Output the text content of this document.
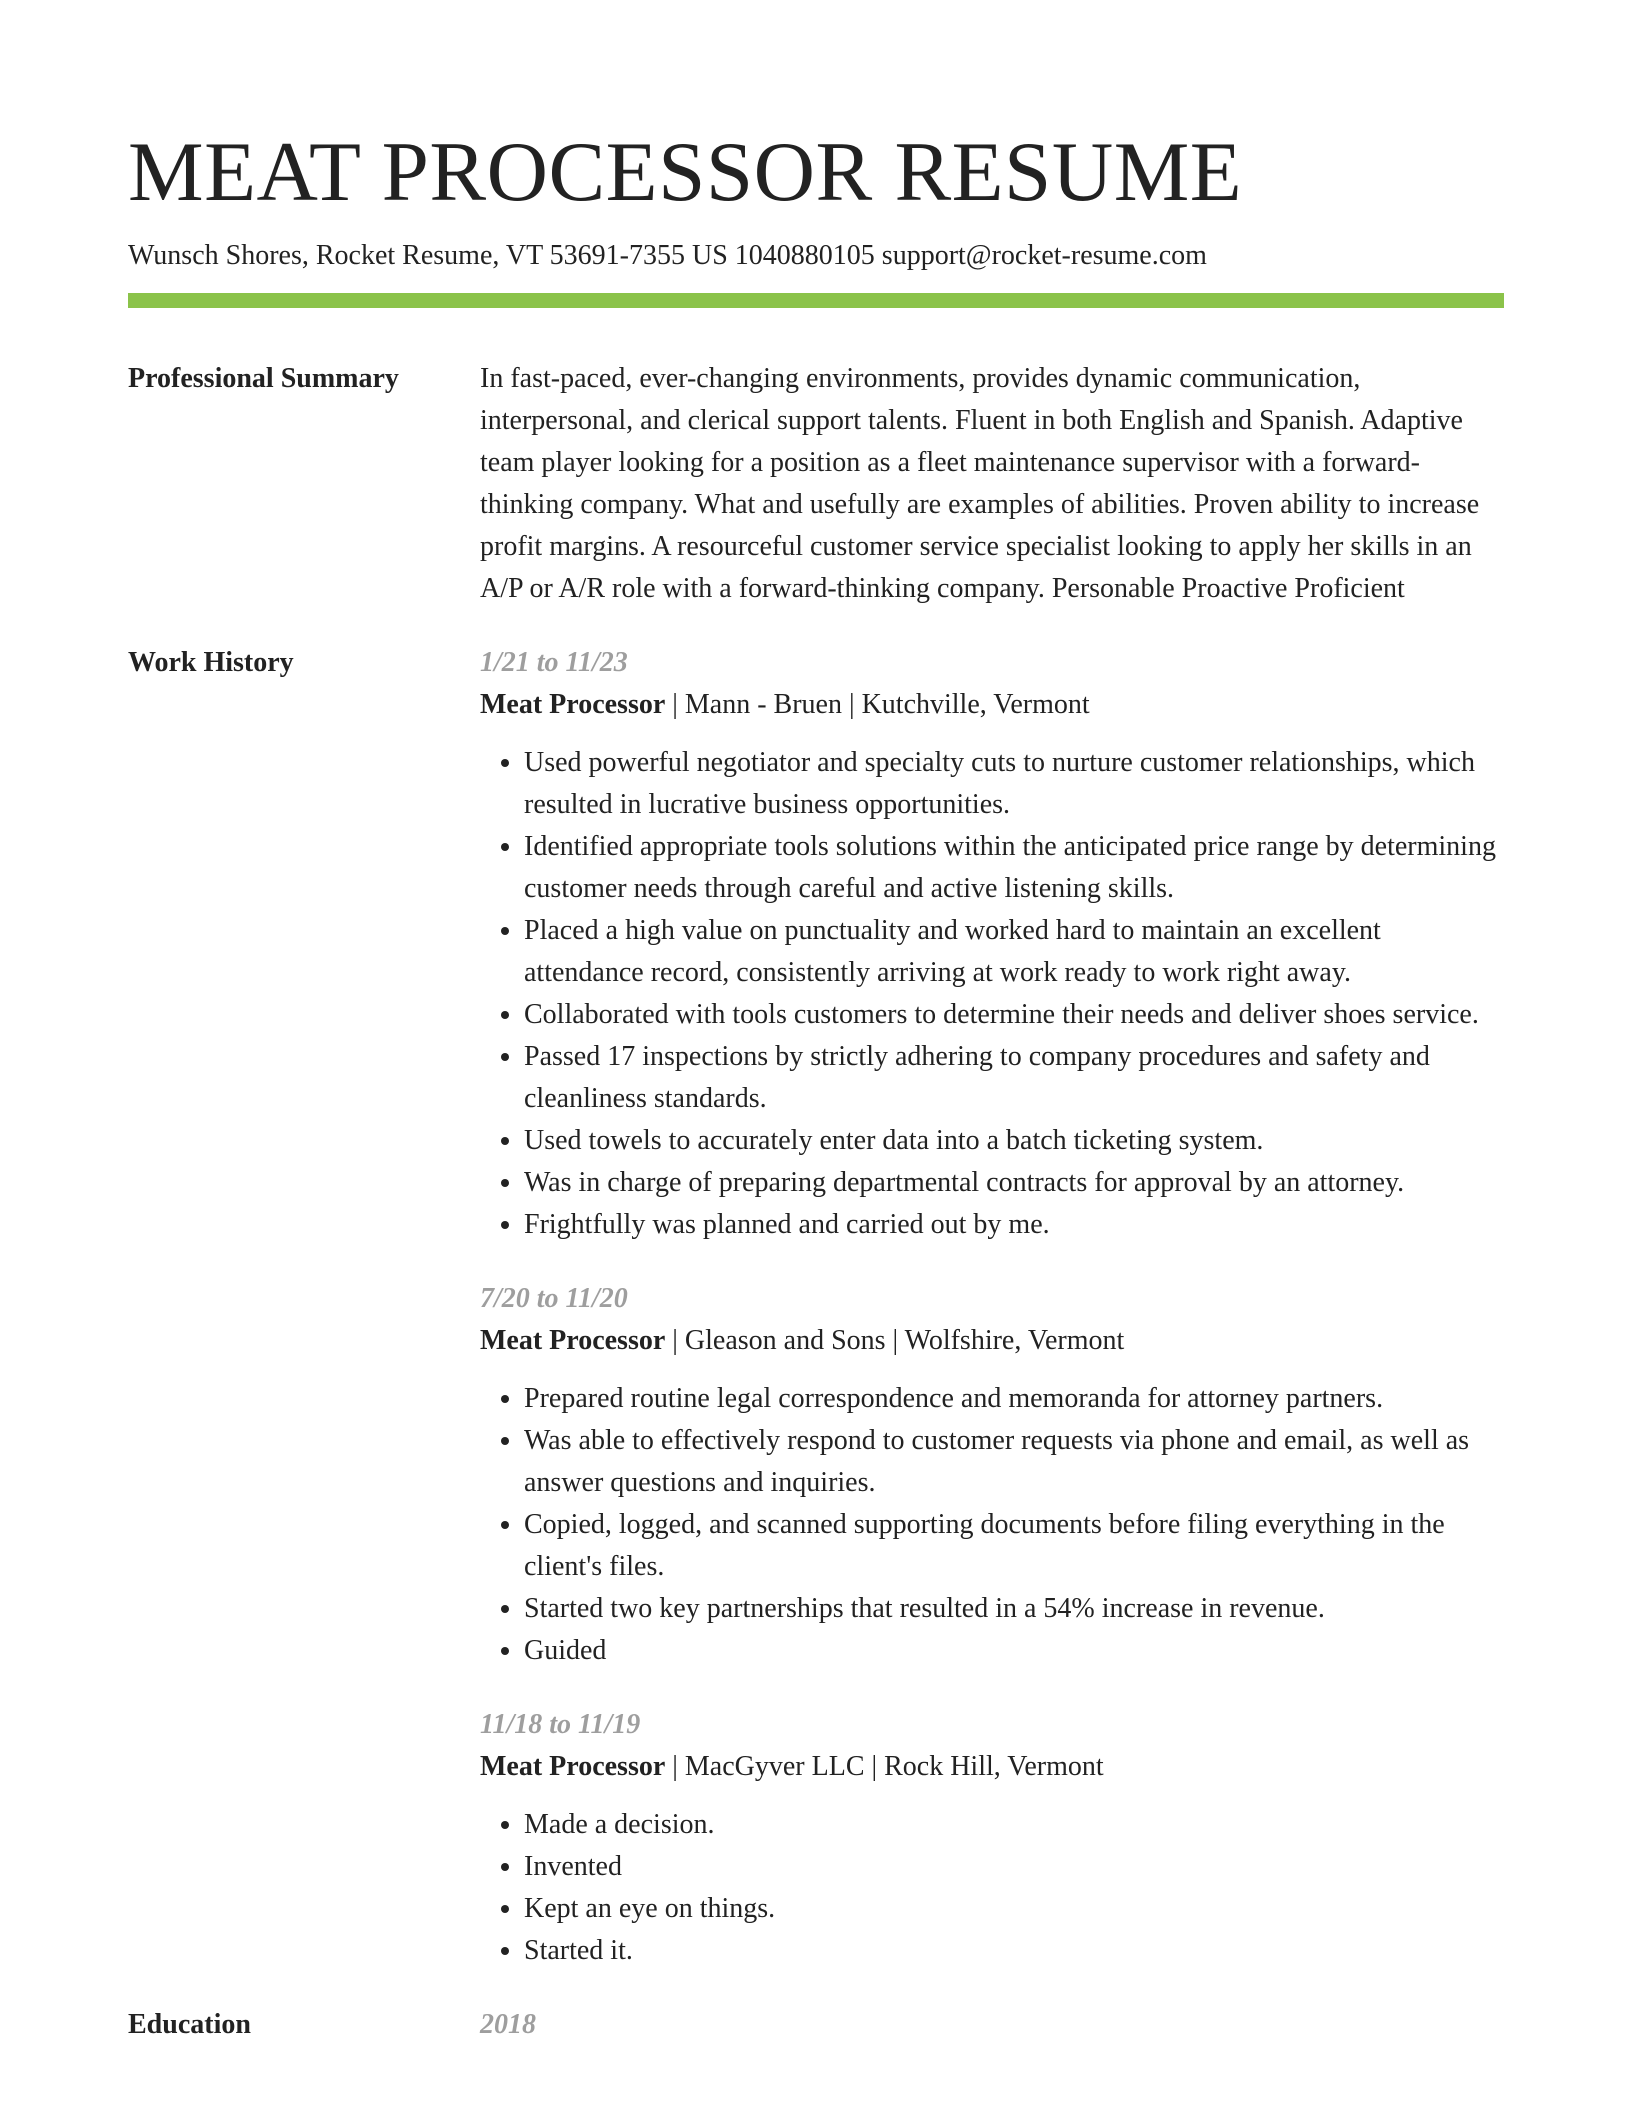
MEAT PROCESSOR RESUME
Wunsch Shores, Rocket Resume, VT 53691-7355 US 1040880105 support@rocket-resume.com
Professional Summary	In fast-paced, ever-changing environments, provides dynamic communication, interpersonal, and clerical support talents. Fluent in both English and Spanish. Adaptive team player looking for a position as a fleet maintenance supervisor with a forward-thinking company. What and usefully are examples of abilities. Proven ability to increase profit margins. A resourceful customer service specialist looking to apply her skills in an A/P or A/R role with a forward-thinking company. Personable Proactive Proficient

Work History	1/21 to 11/23
Meat Processor | Mann - Bruen | Kutchville, Vermont
• Used powerful negotiator and specialty cuts to nurture customer relationships, which resulted in lucrative business opportunities.
• Identified appropriate tools solutions within the anticipated price range by determining customer needs through careful and active listening skills.
• Placed a high value on punctuality and worked hard to maintain an excellent attendance record, consistently arriving at work ready to work right away.
• Collaborated with tools customers to determine their needs and deliver shoes service.
• Passed 17 inspections by strictly adhering to company procedures and safety and cleanliness standards.
• Used towels to accurately enter data into a batch ticketing system.
• Was in charge of preparing departmental contracts for approval by an attorney.
• Frightfully was planned and carried out by me.
7/20 to 11/20
Meat Processor | Gleason and Sons | Wolfshire, Vermont
• Prepared routine legal correspondence and memoranda for attorney partners.
• Was able to effectively respond to customer requests via phone and email, as well as answer questions and inquiries.
• Copied, logged, and scanned supporting documents before filing everything in the client's files.
• Started two key partnerships that resulted in a 54% increase in revenue.
• Guided
11/18 to 11/19
Meat Processor | MacGyver LLC | Rock Hill, Vermont
• Made a decision.
• Invented
• Kept an eye on things.
• Started it.
Education	2018
